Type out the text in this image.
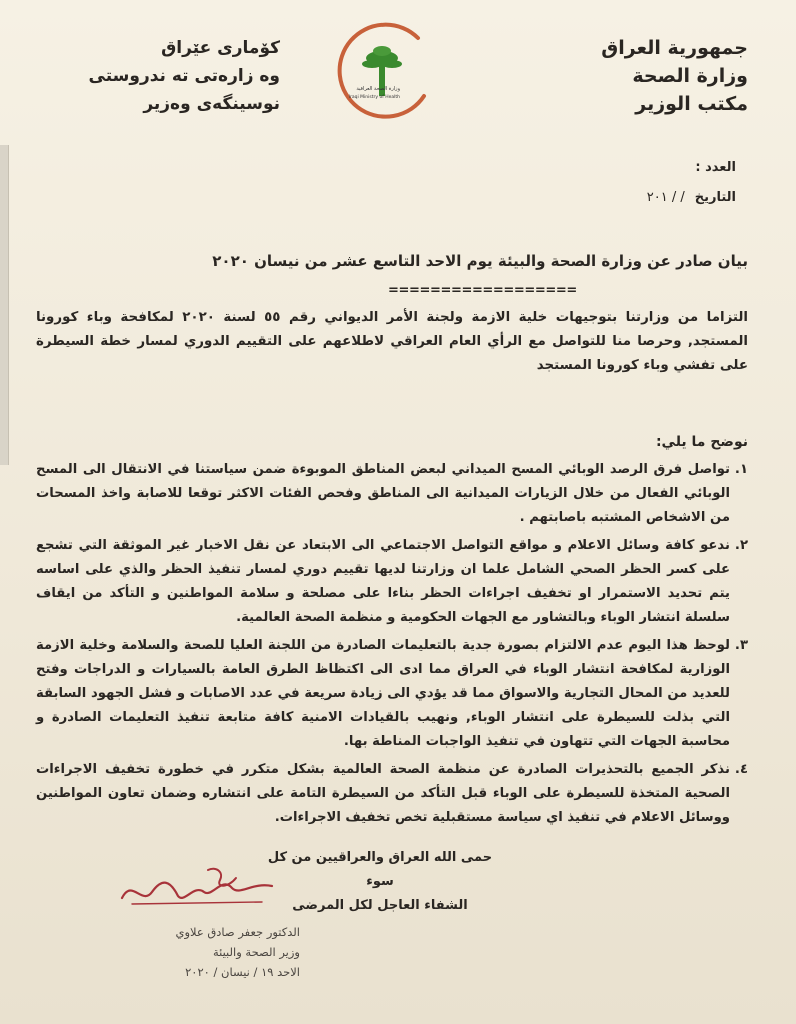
جمهورية العراق
وزارة الصحة
مكتب الوزير
كۆماری عێراق
وه زارەتی ته ندروستی
نوسینگەی وەزیر
وزارة الصحة العراقية
Iraqi Ministry of Health
العدد :
التاريخ/ / ٢٠١
بيان صادر عن وزارة الصحة والبيئة يوم الاحد التاسع عشر من نيسان ٢٠٢٠
==================
التزاما من وزارتنا بتوجيهات خلية الازمة ولجنة الأمر الديواني رقم ٥٥ لسنة ٢٠٢٠ لمكافحة وباء كورونا المستجد, وحرصا منا للتواصل مع الرأي العام العراقي لاطلاعهم على التقييم الدوري لمسار خطة السيطرة على تفشي وباء كورونا المستجد
نوضح ما يلي:
١.
تواصل فرق الرصد الوبائي المسح الميداني لبعض المناطق الموبوءة ضمن سياستنا في الانتقال الى المسح الوبائي الفعال من خلال الزيارات الميدانية الى المناطق وفحص الفئات الاكثر توقعا للاصابة واخذ المسحات من الاشخاص المشتبه باصابتهم .
٢.
ندعو كافة وسائل الاعلام و مواقع التواصل الاجتماعي الى الابتعاد عن نقل الاخبار غير الموثقة التي تشجع على كسر الحظر الصحي الشامل علما ان وزارتنا لديها تقييم دوري لمسار تنفيذ الحظر والذي على اساسه يتم تحديد الاستمرار او تخفيف اجراءات الحظر بناءا على مصلحة و سلامة المواطنين و التأكد من ايقاف سلسلة انتشار الوباء وبالتشاور مع الجهات الحكومية و منظمة الصحة العالمية.
٣.
لوحظ هذا اليوم عدم الالتزام بصورة جدية بالتعليمات الصادرة من اللجنة العليا للصحة والسلامة وخلية الازمة الوزارية لمكافحة انتشار الوباء في العراق مما ادى الى اكتظاظ الطرق العامة بالسيارات و الدراجات وفتح للعديد من المحال التجارية والاسواق مما قد يؤدي الى زيادة سريعة في عدد الاصابات و فشل الجهود السابقة التي بذلت للسيطرة على انتشار الوباء, ونهيب بالقيادات الامنية كافة متابعة تنفيذ التعليمات الصادرة و محاسبة الجهات التي تتهاون في تنفيذ الواجبات المناطة بها.
٤.
نذكر الجميع بالتحذيرات الصادرة عن منظمة الصحة العالمية بشكل متكرر في خطورة تخفيف الاجراءات الصحية المتخذة للسيطرة على الوباء قبل التأكد من السيطرة التامة على انتشاره وضمان تعاون المواطنين ووسائل الاعلام في تنفيذ اي سياسة مستقبلية تخص تخفيف الاجراءات.
حمى الله العراق والعراقيين من كل سوء
الشفاء العاجل لكل المرضى
الدكتور جعفر صادق علاوي
وزير الصحة والبيئة
الاحد ١٩ / نيسان / ٢٠٢٠
